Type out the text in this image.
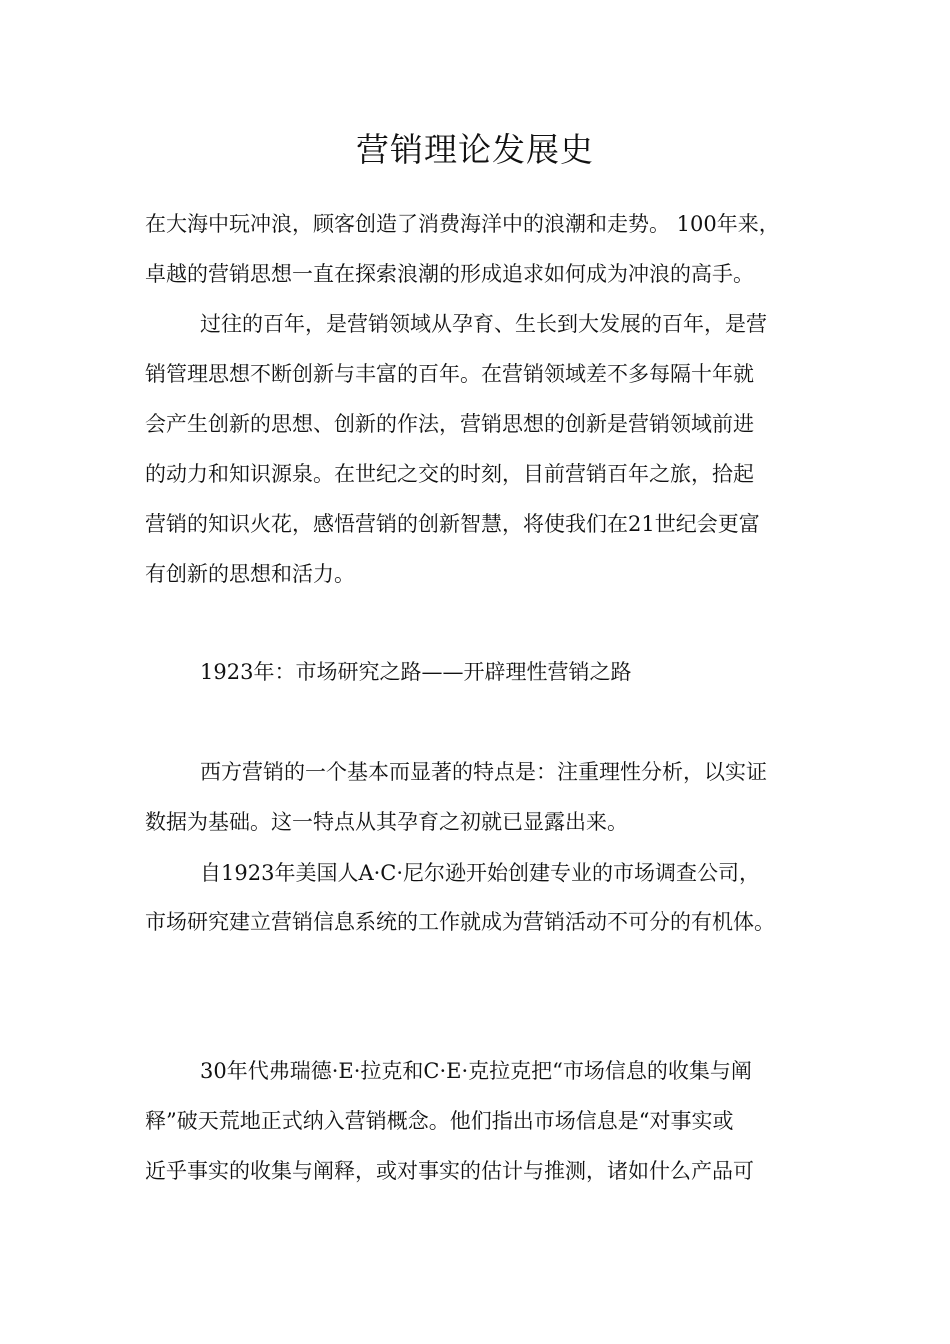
营销理论发展史
在大海中玩冲浪，顾客创造了消费海洋中的浪潮和走势。 100年来，
卓越的营销思想一直在探索浪潮的形成追求如何成为冲浪的高手。
过往的百年，是营销领域从孕育、生长到大发展的百年，是营
销管理思想不断创新与丰富的百年。在营销领域差不多每隔十年就
会产生创新的思想、创新的作法，营销思想的创新是营销领域前进
的动力和知识源泉。在世纪之交的时刻，目前营销百年之旅，拾起
营销的知识火花，感悟营销的创新智慧，将使我们在21世纪会更富
有创新的思想和活力。
1923年：市场研究之路——开辟理性营销之路
西方营销的一个基本而显著的特点是：注重理性分析，以实证
数据为基础。这一特点从其孕育之初就已显露出来。
自1923年美国人A·C·尼尔逊开始创建专业的市场调查公司，
市场研究建立营销信息系统的工作就成为营销活动不可分的有机体。
30年代弗瑞德·E·拉克和C·E·克拉克把“市场信息的收集与阐
释”破天荒地正式纳入营销概念。他们指出市场信息是“对事实或
近乎事实的收集与阐释，或对事实的估计与推测，诸如什么产品可
